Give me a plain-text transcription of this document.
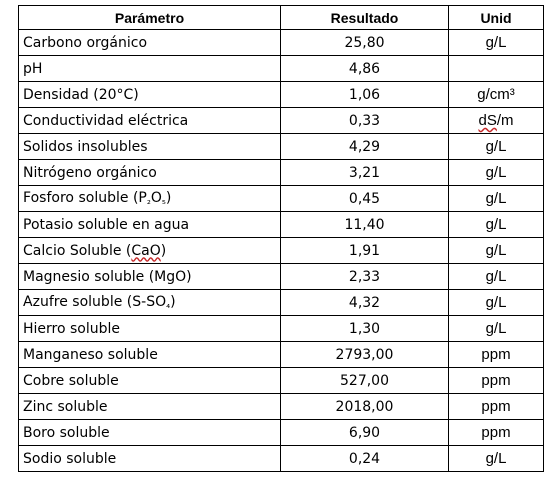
Parámetro	Resultado	Unid
Carbono orgánico	25,80	g/L
pH	4,86	
Densidad (20°C)	1,06	g/cm³
Conductividad eléctrica	0,33	dS/m
Solidos insolubles	4,29	g/L
Nitrógeno orgánico	3,21	g/L
Fosforo soluble $(P_{_2}O_{_5})$	0,45	g/L
Potasio soluble en agua	11,40	g/L
Calcio Soluble (CaO)	1,91	g/L
Magnesio soluble (MgO)	2,33	g/L
Azufre soluble $(S-SO_{_4})$	4,32	g/L
Hierro soluble	1,30	g/L
Manganeso soluble	2793,00	ppm
Cobre soluble	527,00	ppm
Zinc soluble	2018,00	ppm
Boro soluble	6,90	ppm
Sodio soluble	0,24	g/L
